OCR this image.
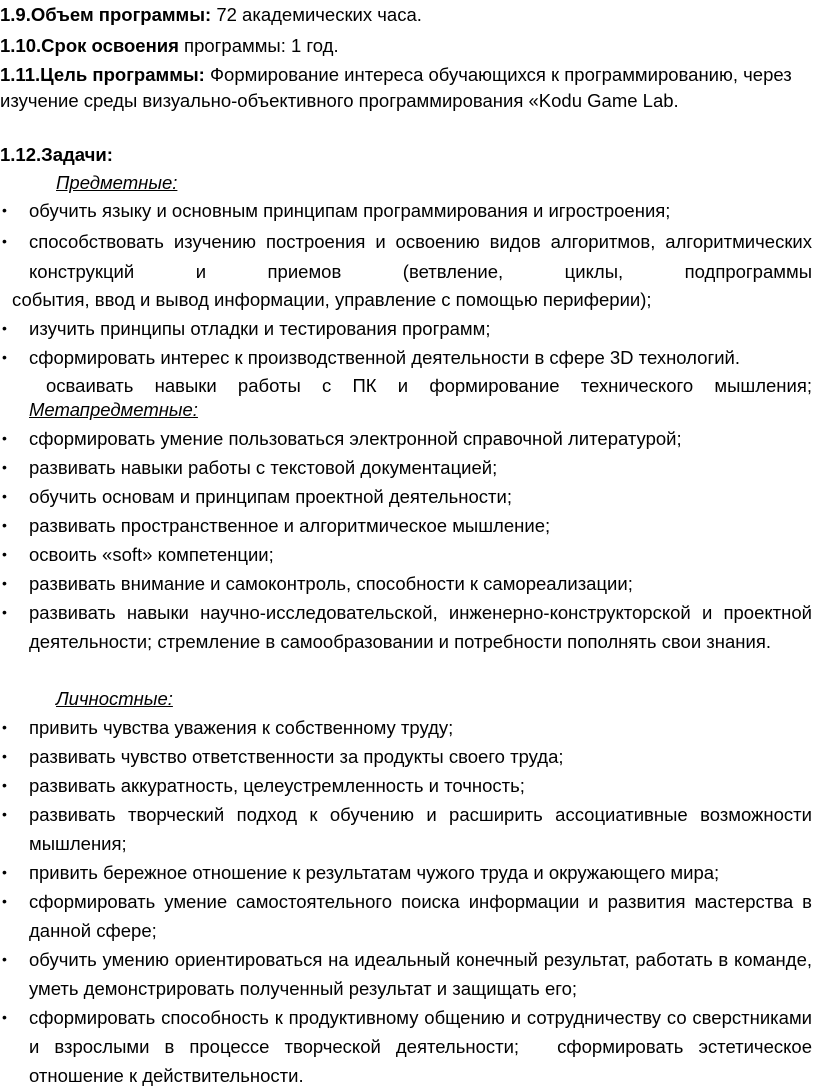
1.9.Объем программы: 72 академических часа.
1.10.Срок освоения программы: 1 год.
1.11.Цель программы: Формирование интереса обучающихся к программированию, через изучение среды визуально-объективного программирования «Kodu Game Lab.
1.12.Задачи:
Предметные:
• обучить языку и основным принципам программирования и игростроения;
• способствовать изучению построения и освоению видов алгоритмов, алгоритмических конструкций и приемов (ветвление, циклы, подпрограммы
события, ввод и вывод информации, управление с помощью периферии);
• изучить принципы отладки и тестирования программ;
• сформировать интерес к производственной деятельности в сфере 3D технологий.
осваивать навыки работы с ПК и формирование технического мышления;
Метапредметные:
• сформировать умение пользоваться электронной справочной литературой;
• развивать навыки работы с текстовой документацией;
• обучить основам и принципам проектной деятельности;
• развивать пространственное и алгоритмическое мышление;
• освоить «soft» компетенции;
• развивать внимание и самоконтроль, способности к самореализации;
• развивать навыки научно-исследовательской, инженерно-конструкторской и проектной деятельности; стремление в самообразовании и потребности пополнять свои знания.
Личностные:
• привить чувства уважения к собственному труду;
• развивать чувство ответственности за продукты своего труда;
• развивать аккуратность, целеустремленность и точность;
• развивать творческий подход к обучению и расширить ассоциативные возможности мышления;
• привить бережное отношение к результатам чужого труда и окружающего мира;
• сформировать умение самостоятельного поиска информации и развития мастерства в данной сфере;
• обучить умению ориентироваться на идеальный конечный результат, работать в команде, уметь демонстрировать полученный результат и защищать его;
• сформировать способность к продуктивному общению и сотрудничеству со сверстниками и взрослыми в процессе творческой деятельности; сформировать эстетическое отношение к действительности.
